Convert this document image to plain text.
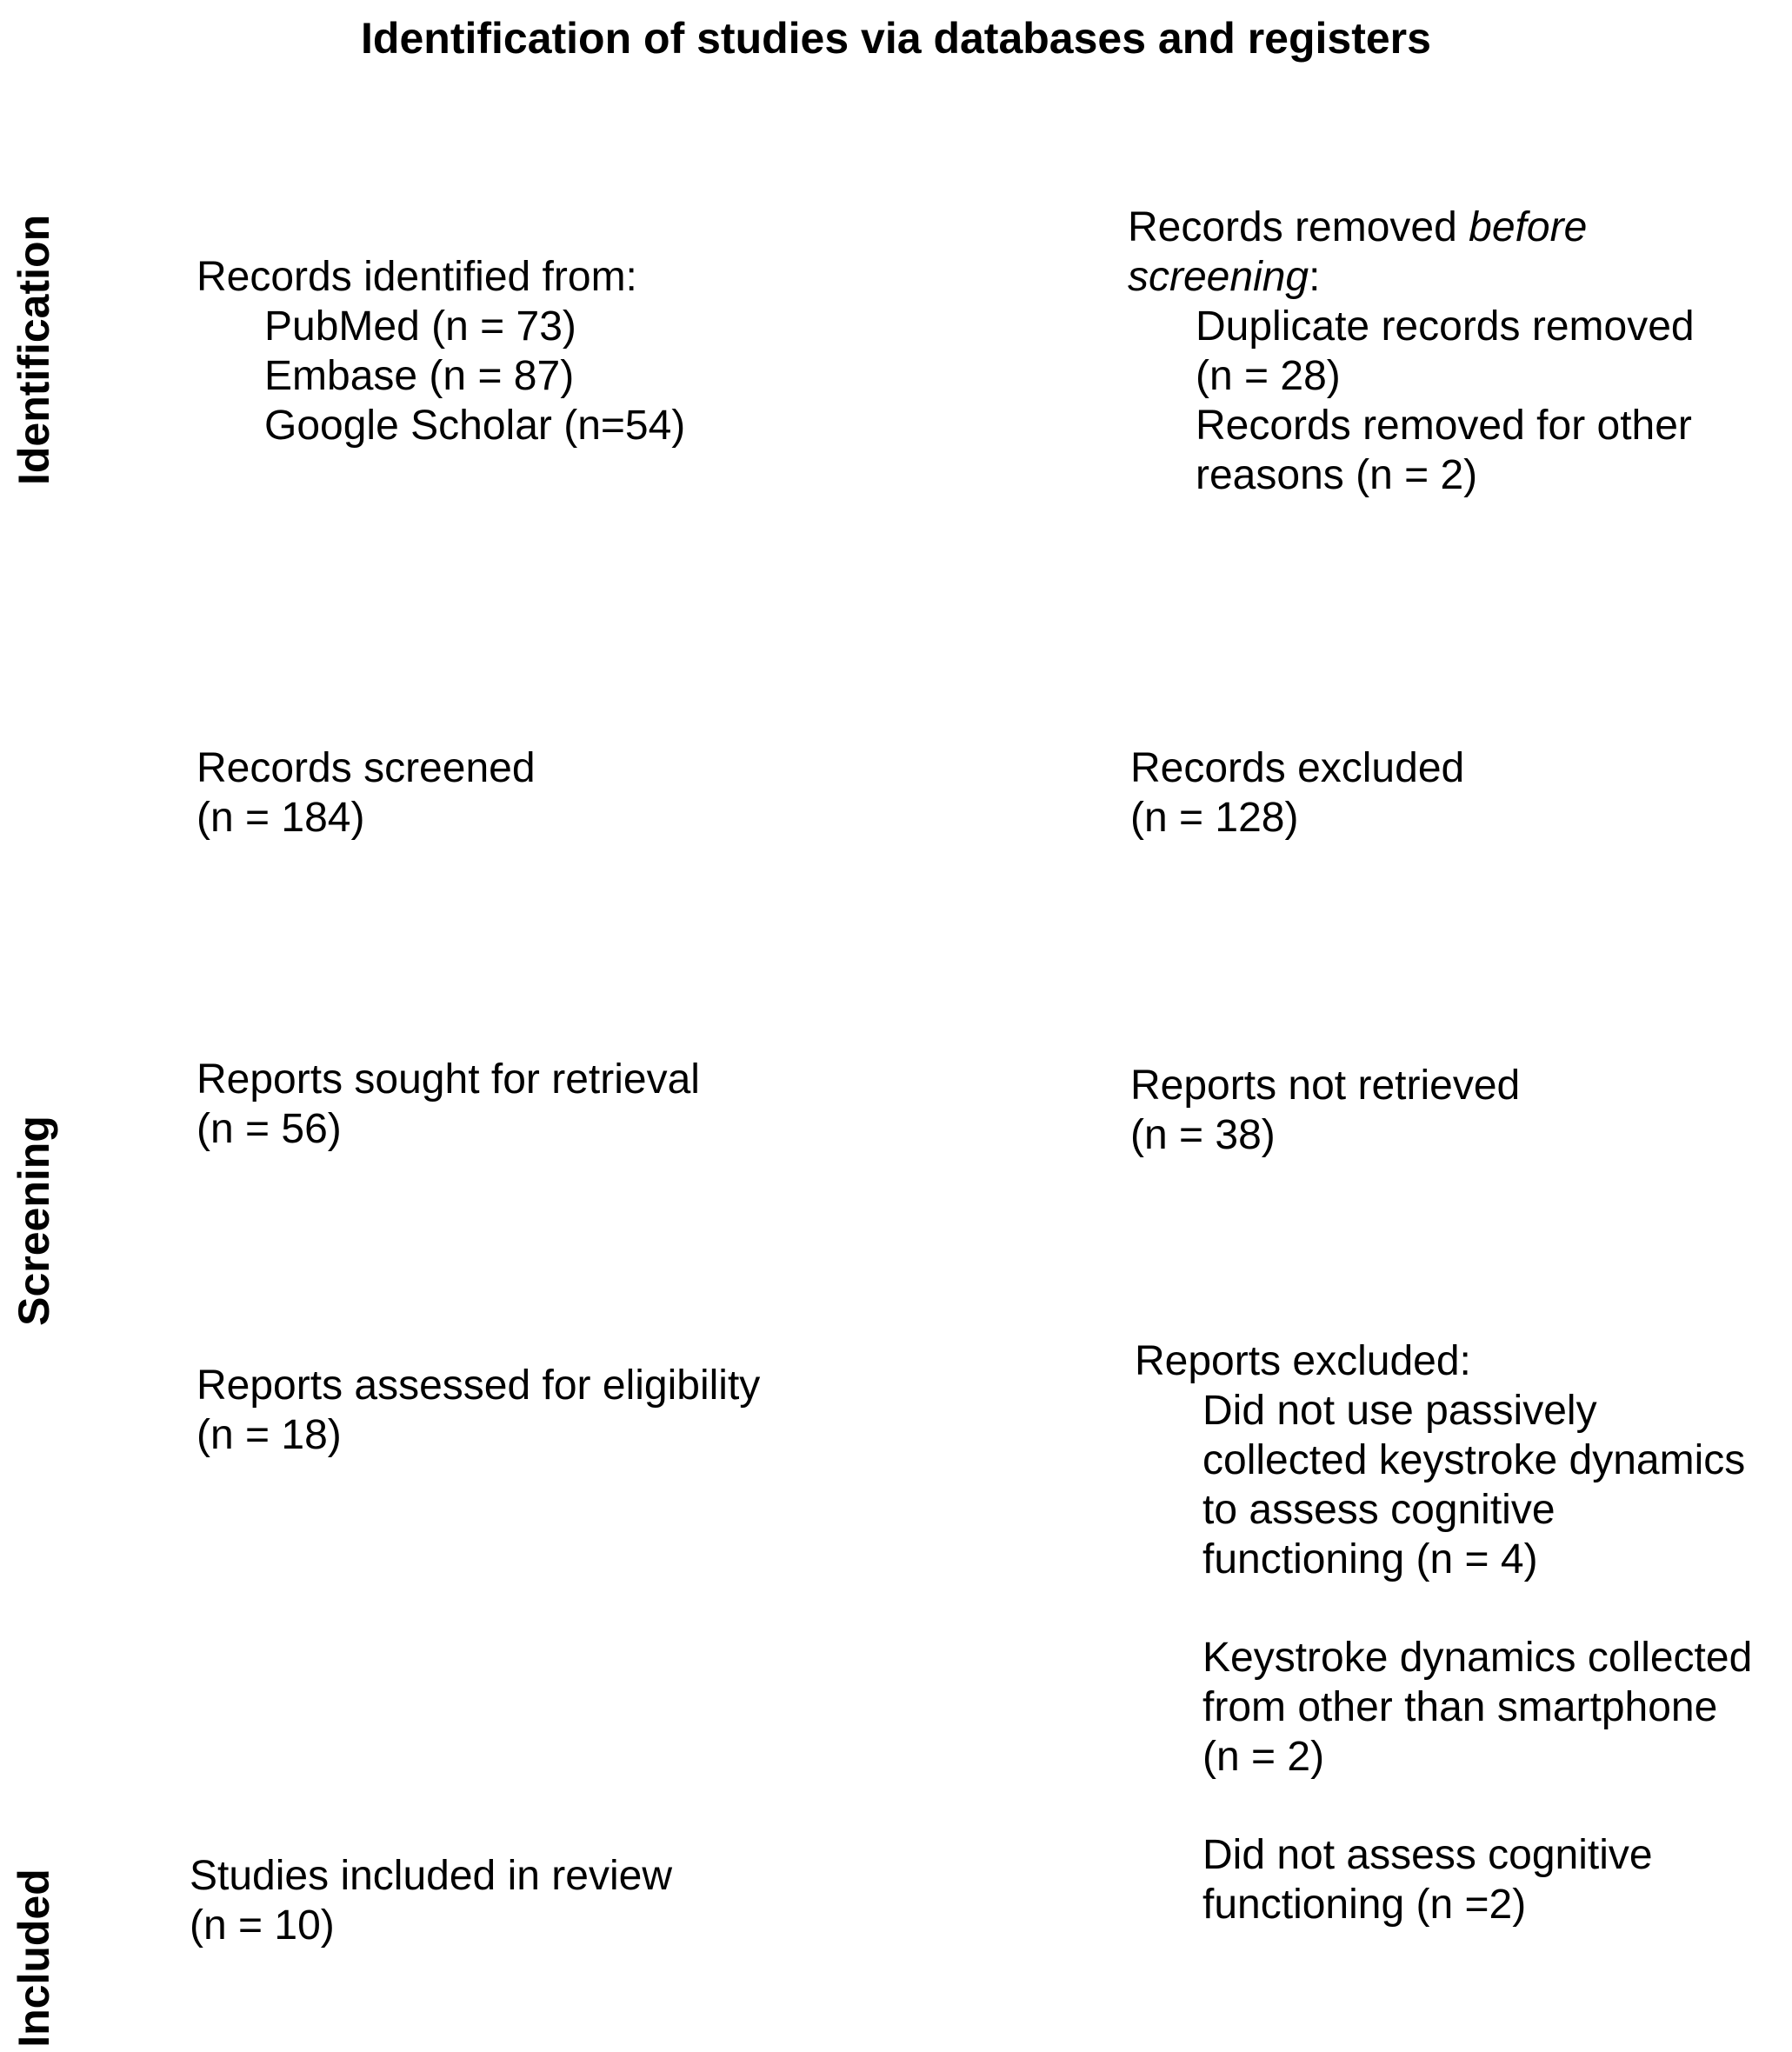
Identification of studies via databases and registers
Identification
Screening
Included
Records identified from:
PubMed (n = 73)
Embase (n = 87)
Google Scholar (n=54)
Records removed before
screening:
Duplicate records removed
(n = 28)
Records removed for other
reasons (n = 2)
Records screened
(n = 184)
Records excluded
(n = 128)
Reports sought for retrieval
(n = 56)
Reports not retrieved
(n = 38)
Reports assessed for eligibility
(n = 18)
Reports excluded:
Did not use passively
collected keystroke dynamics
to assess cognitive
functioning (n = 4)
Keystroke dynamics collected
from other than smartphone
(n = 2)
Did not assess cognitive
functioning (n =2)
Studies included in review
(n = 10)
